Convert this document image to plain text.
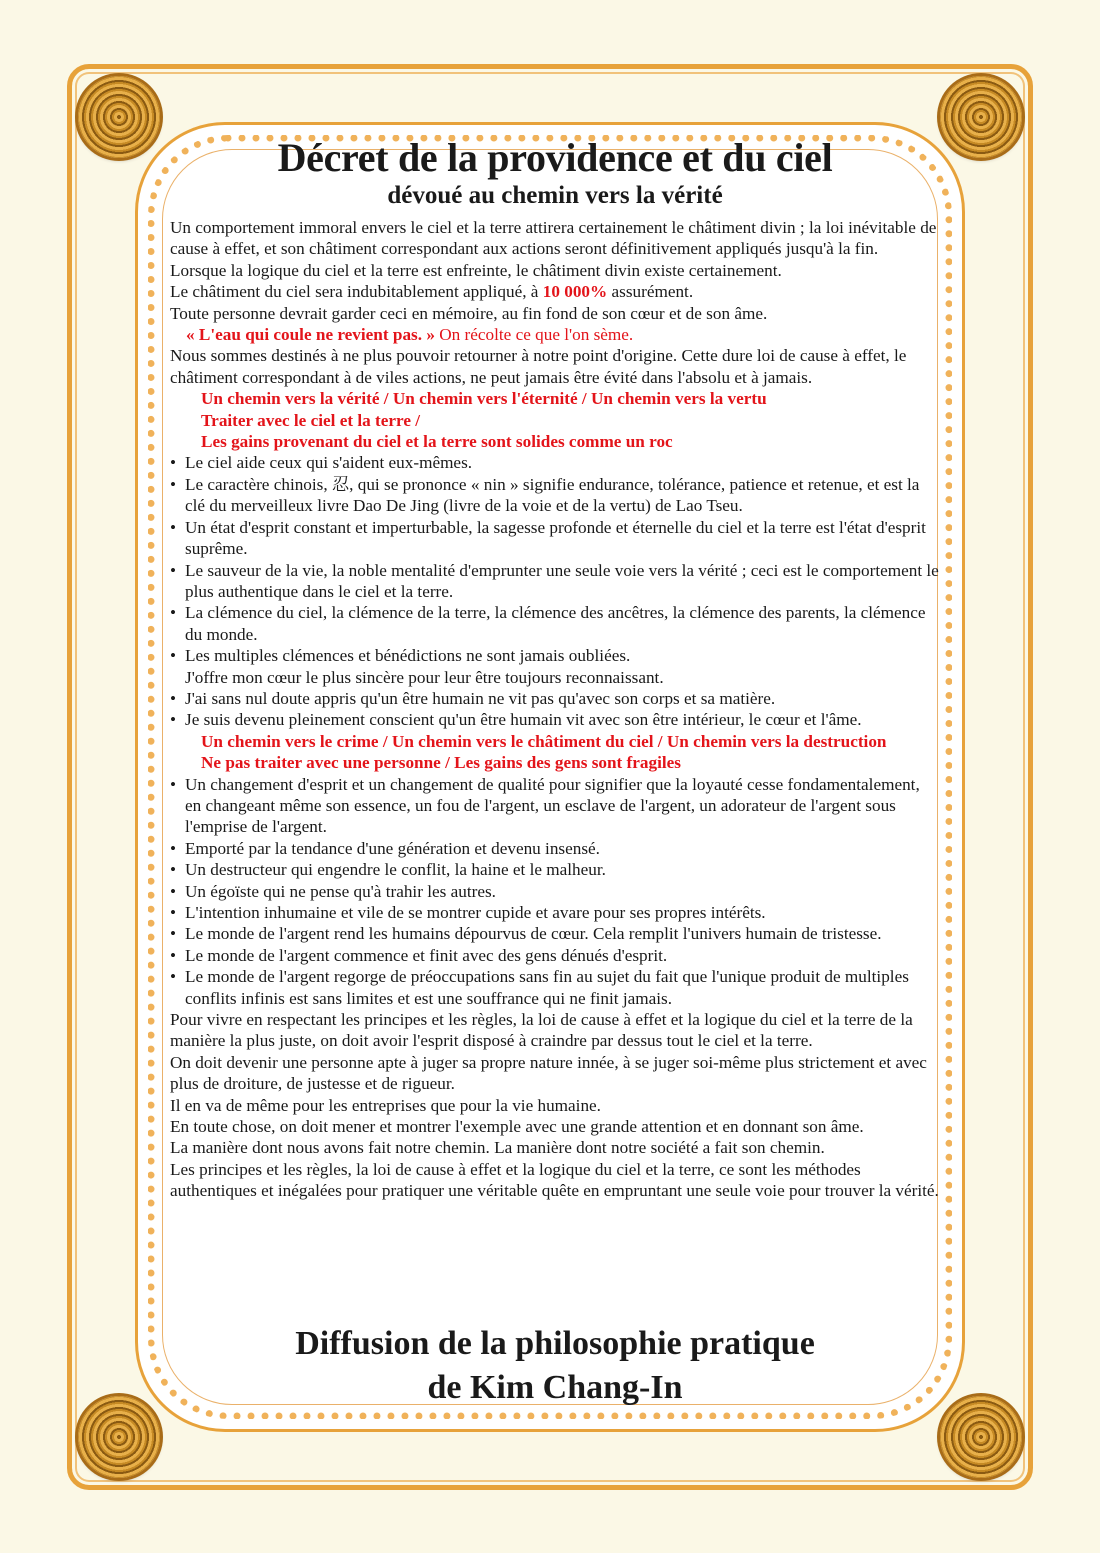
Décret de la providence et du ciel
dévoué au chemin vers la vérité

Un comportement immoral envers le ciel et la terre attirera certainement le châtiment divin ; la loi inévitable de cause à effet, et son châtiment correspondant aux actions seront définitivement appliqués jusqu'à la fin.

Lorsque la logique du ciel et la terre est enfreinte, le châtiment divin existe certainement.

Le châtiment du ciel sera indubitablement appliqué, à 10 000% assurément.

Toute personne devrait garder ceci en mémoire, au fin fond de son cœur et de son âme.

« L'eau qui coule ne revient pas. » On récolte ce que l'on sème.

Nous sommes destinés à ne plus pouvoir retourner à notre point d'origine. Cette dure loi de cause à effet, le châtiment correspondant à de viles actions, ne peut jamais être évité dans l'absolu et à jamais.

Un chemin vers la vérité / Un chemin vers l'éternité / Un chemin vers la vertu

Traiter avec le ciel et la terre /

Les gains provenant du ciel et la terre sont solides comme un roc

• Le ciel aide ceux qui s'aident eux-mêmes.
• Le caractère chinois, 忍, qui se prononce « nin » signifie endurance, tolérance, patience et retenue, et est la clé du merveilleux livre Dao De Jing (livre de la voie et de la vertu) de Lao Tseu.
• Un état d'esprit constant et imperturbable, la sagesse profonde et éternelle du ciel et la terre est l'état d'esprit suprême.
• Le sauveur de la vie, la noble mentalité d'emprunter une seule voie vers la vérité ; ceci est le comportement le plus authentique dans le ciel et la terre.
• La clémence du ciel, la clémence de la terre, la clémence des ancêtres, la clémence des parents, la clémence du monde.
• Les multiples clémences et bénédictions ne sont jamais oubliées.

J'offre mon cœur le plus sincère pour leur être toujours reconnaissant.

• J'ai sans nul doute appris qu'un être humain ne vit pas qu'avec son corps et sa matière.
• Je suis devenu pleinement conscient qu'un être humain vit avec son être intérieur, le cœur et l'âme.

Un chemin vers le crime / Un chemin vers le châtiment du ciel / Un chemin vers la destruction

Ne pas traiter avec une personne / Les gains des gens sont fragiles

• Un changement d'esprit et un changement de qualité pour signifier que la loyauté cesse fondamentalement, en changeant même son essence, un fou de l'argent, un esclave de l'argent, un adorateur de l'argent sous l'emprise de l'argent.
• Emporté par la tendance d'une génération et devenu insensé.
• Un destructeur qui engendre le conflit, la haine et le malheur.
• Un égoïste qui ne pense qu'à trahir les autres.
• L'intention inhumaine et vile de se montrer cupide et avare pour ses propres intérêts.
• Le monde de l'argent rend les humains dépourvus de cœur. Cela remplit l'univers humain de tristesse.
• Le monde de l'argent commence et finit avec des gens dénués d'esprit.
• Le monde de l'argent regorge de préoccupations sans fin au sujet du fait que l'unique produit de multiples conflits infinis est sans limites et est une souffrance qui ne finit jamais.

Pour vivre en respectant les principes et les règles, la loi de cause à effet et la logique du ciel et la terre de la manière la plus juste, on doit avoir l'esprit disposé à craindre par dessus tout le ciel et la terre.

On doit devenir une personne apte à juger sa propre nature innée, à se juger soi-même plus strictement et avec plus de droiture, de justesse et de rigueur.

Il en va de même pour les entreprises que pour la vie humaine.

En toute chose, on doit mener et montrer l'exemple avec une grande attention et en donnant son âme.

La manière dont nous avons fait notre chemin. La manière dont notre société a fait son chemin.

Les principes et les règles, la loi de cause à effet et la logique du ciel et la terre, ce sont les méthodes authentiques et inégalées pour pratiquer une véritable quête en empruntant une seule voie pour trouver la vérité.

Diffusion de la philosophie pratique
de Kim Chang-In
